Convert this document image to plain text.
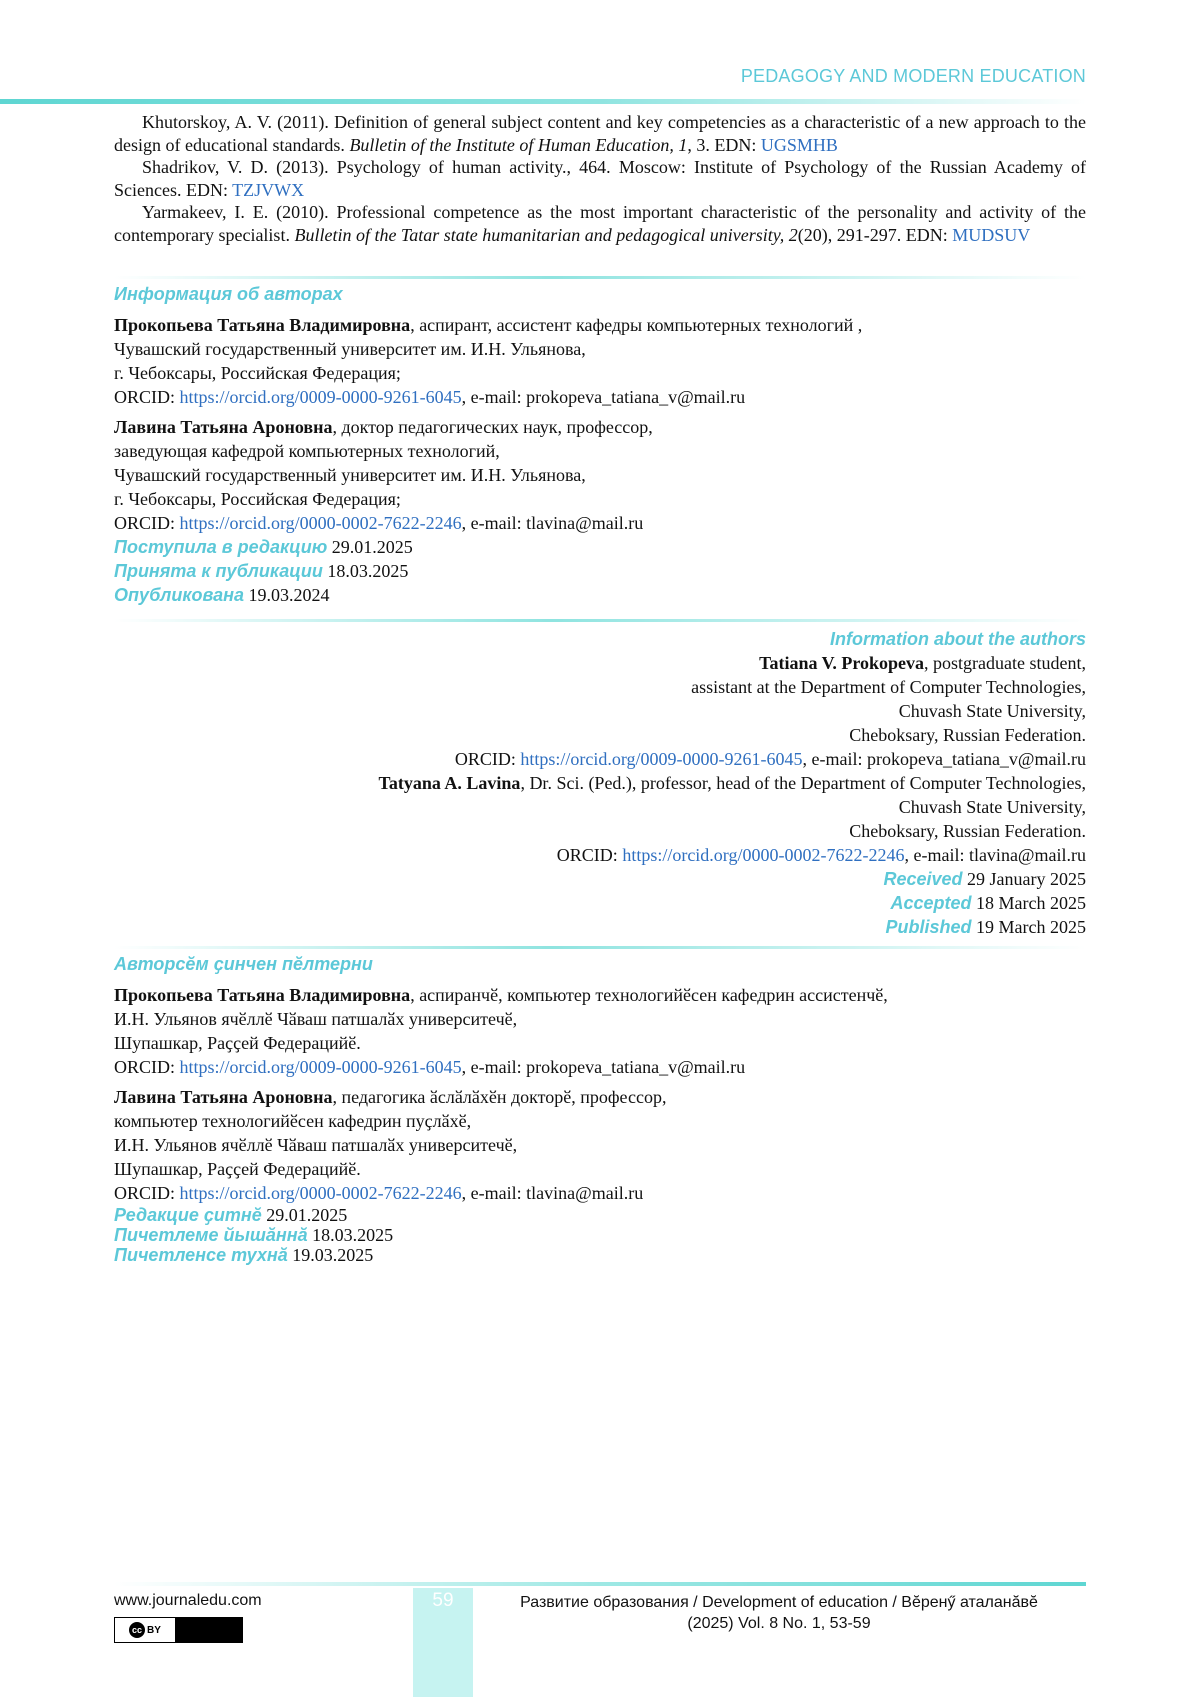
PEDAGOGY AND MODERN EDUCATION

Khutorskoy, A. V. (2011). Definition of general subject content and key competencies as a characteristic of a new approach to the design of educational standards. Bulletin of the Institute of Human Education, 1, 3. EDN: UGSMHB

Shadrikov, V. D. (2013). Psychology of human activity., 464. Moscow: Institute of Psychology of the Russian Academy of Sciences. EDN: TZJVWX

Yarmakeev, I. E. (2010). Professional competence as the most important characteristic of the personality and activity of the contemporary specialist. Bulletin of the Tatar state humanitarian and pedagogical university, 2(20), 291-297. EDN: MUDSUV

Информация об авторах

Прокопьева Татьяна Владимировна, аспирант, ассистент кафедры компьютерных технологий ,

Чувашский государственный университет им. И.Н. Ульянова,

г. Чебоксары, Российская Федерация;

ORCID: https://orcid.org/0009-0000-9261-6045, e-mail: prokopeva_tatiana_v@mail.ru

Лавина Татьяна Ароновна, доктор педагогических наук, профессор,

заведующая кафедрой компьютерных технологий,

Чувашский государственный университет им. И.Н. Ульянова,

г. Чебоксары, Российская Федерация;

ORCID: https://orcid.org/0000-0002-7622-2246, e-mail: tlavina@mail.ru

Поступила в редакцию 29.01.2025

Принята к публикации 18.03.2025

Опубликована 19.03.2024

Information about the authors

Tatiana V. Prokopeva, postgraduate student,

assistant at the Department of Computer Technologies,

Chuvash State University,

Cheboksary, Russian Federation.

ORCID: https://orcid.org/0009-0000-9261-6045, e-mail: prokopeva_tatiana_v@mail.ru

Tatyana A. Lavina, Dr. Sci. (Ped.), professor, head of the Department of Computer Technologies,

Chuvash State University,

Cheboksary, Russian Federation.

ORCID: https://orcid.org/0000-0002-7622-2246, e-mail: tlavina@mail.ru

Received 29 January 2025

Accepted 18 March 2025

Published 19 March 2025

Авторсӗм ҫинчен пӗлтерни

Прокопьева Татьяна Владимировна, аспиранчӗ, компьютер технологийӗсен кафедрин ассистенчӗ,

И.Н. Ульянов ячӗллӗ Чӑваш патшалӑх университечӗ,

Шупашкар, Раҫҫей Федерацийӗ.

ORCID: https://orcid.org/0009-0000-9261-6045, e-mail: prokopeva_tatiana_v@mail.ru

Лавина Татьяна Ароновна, педагогика ӑслӑлӑхӗн докторӗ, профессор,

компьютер технологийӗсен кафедрин пуҫлӑхӗ,

И.Н. Ульянов ячӗллӗ Чӑваш патшалӑх университечӗ,

Шупашкар, Раҫҫей Федерацийӗ.

ORCID: https://orcid.org/0000-0002-7622-2246, e-mail: tlavina@mail.ru

Редакцие ҫитнӗ 29.01.2025

Пичетлеме йышӑннӑ 18.03.2025

Пичетленсе тухнӑ 19.03.2025

59
www.journaledu.com
cc BY
Развитие образования / Development of education / Вӗренӳ аталанӑвӗ
(2025) Vol. 8 No. 1, 53-59
